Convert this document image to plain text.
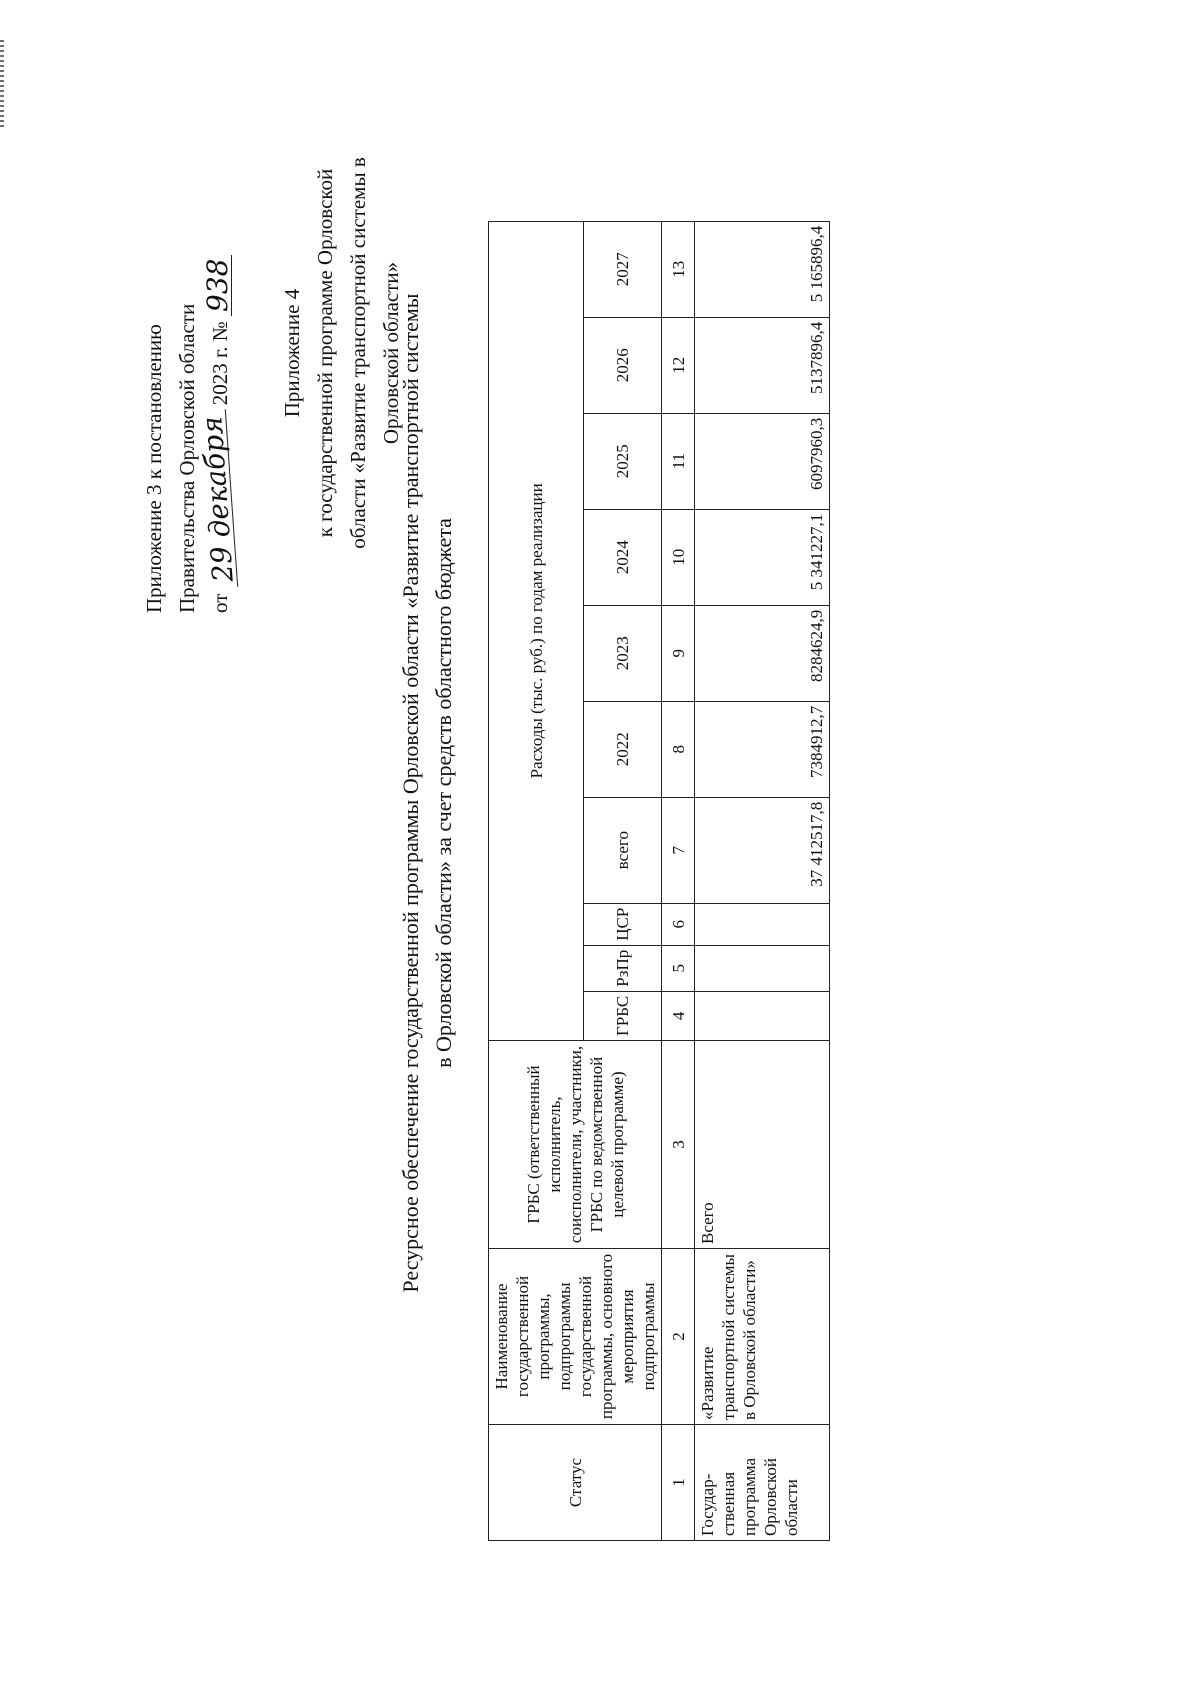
Приложение 3 к постановлению Правительства Орловской области от 29 декабря 2023 г. № 938
Приложение 4 к государственной программе Орловской области «Развитие транспортной системы в Орловской области»
Ресурсное обеспечение государственной программы Орловской области «Развитие транспортной системы в Орловской области» за счет средств областного бюджета
Статус	Наименование государственной программы, подпрограммы государственной программы, основного мероприятия подпрограммы	ГРБС (ответственный исполнитель, соисполнители, участники, ГРБС по ведомственной целевой программе)	Расходы (тыс. руб.) по годам реализации									
			ГРБС	РзПр	ЦСР	всего	2022	2023	2024	2025	2026	2027
1	2	3	4	5	6	7	8	9	10	11	12	13
Государ-ственная программа Орловской области	«Развитие транспортной системы в Орловской области»	Всего				37 412517,8	7384912,7	8284624,9	5 341227,1	6097960,3	5137896,4	5 165896,4
